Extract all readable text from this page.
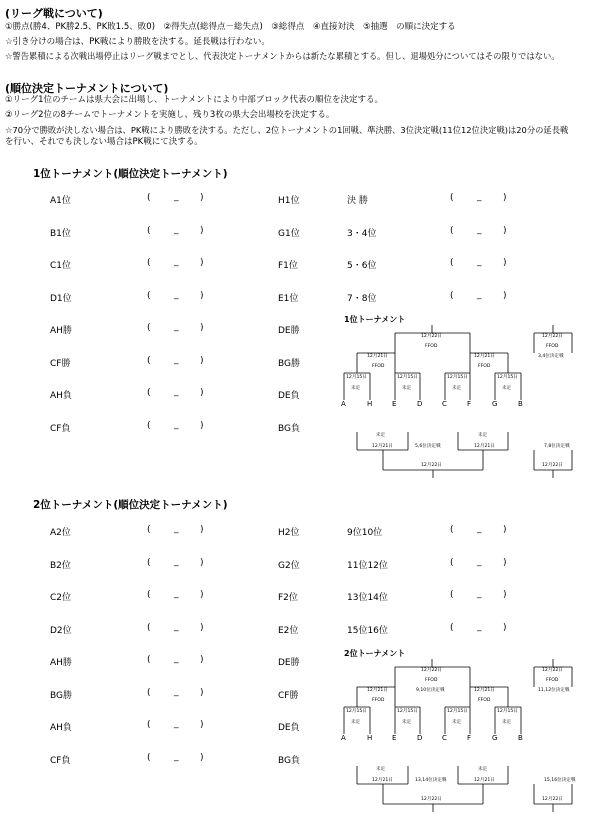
(リーグ戦について)
①勝点(勝4、PK勝2.5、PK敗1.5、敗0)　②得失点(総得点－総失点)　③総得点　④直接対決　⑤抽選　の順に決定する
☆引き分けの場合は、PK戦により勝敗を決する。延長戦は行わない。
☆警告累積による次戦出場停止はリーグ戦までとし、代表決定トーナメントからは新たな累積とする。但し、退場処分についてはその限りではない。
(順位決定トーナメントについて)
①リーグ1位のチームは県大会に出場し、トーナメントにより中部ブロック代表の順位を決定する。
②リーグ2位の8チームでトーナメントを実施し、残り3枚の県大会出場校を決定する。
☆70分で勝敗が決しない場合は、PK戦により勝敗を決する。ただし、2位トーナメントの1回戦、準決勝、3位決定戦(11位12位決定戦)は20分の延長戦
を行い、それでも決しない場合はPK戦にて決する。
1位トーナメント(順位決定トーナメント)
A1位	(	_ )	H1位	決 勝	(	_ )
B1位	(	_ )	G1位	3・4位	(	_ )
C1位	(	_ )	F1位	5・6位	(	_ )
D1位	(	_ )	E1位	7・8位	(	_ )
AH勝	(	_ )	DE勝
CF勝	(	_ )	BG勝
AH負	(	_ )	DE負
CF負	(	_ )	BG負
2位トーナメント(順位決定トーナメント)
A2位	(	_ )	H2位	9位10位	(	_ )
B2位	(	_ )	G2位	11位12位	(	_ )
C2位	(	_ )	F2位	13位14位	(	_ )
D2位	(	_ )	E2位	15位16位	(	_ )
AH勝	(	_ )	DE勝
BG勝	(	_ )	CF勝
AH負	(	_ )	DE負
CF負	(	_ )	BG負
1位トーナメント
12月22日
FFOD
12月21日
FFOD
12月21日
FFOD
12月15日
未定
12月15日
未定
12月15日
未定
12月15日
未定
12月22日
FFOD
3,4位決定戦
A	H	E	D	C	F	G	B
未定
12月21日
未定
12月21日
5,6位決定戦
12月22日
7,8位決定戦
12月22日
2位トーナメント
12月22日
FFOD
9,10位決定戦
12月21日
FFOD
12月21日
FFOD
12月15日
未定
12月15日
未定
12月15日
未定
12月15日
未定
12月22日
FFOD
11,12位決定戦
A	H	E	D	C	F	G	B
未定
12月21日
未定
12月21日
13,14位決定戦
12月22日
15,16位決定戦
12月22日
